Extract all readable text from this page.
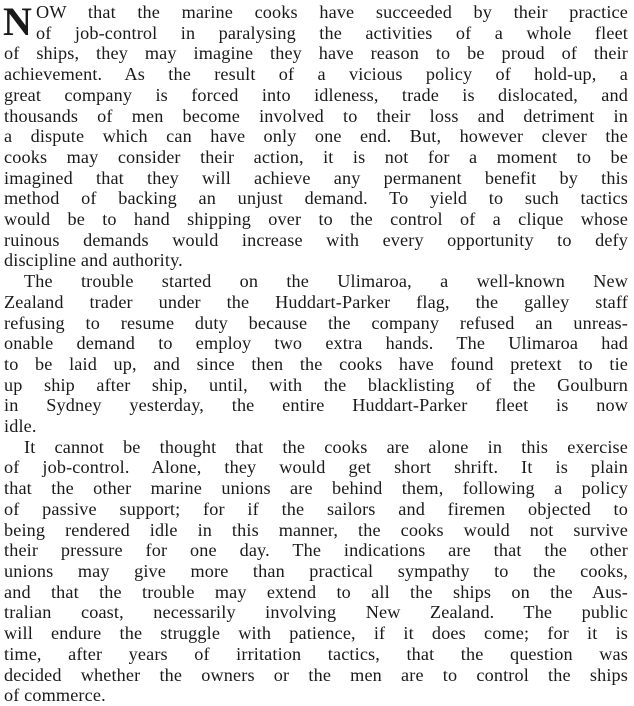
N OW that the marine cooks have succeeded by their practice
of job-control in paralysing the activities of a whole fleet
of ships, they may imagine they have reason to be proud of their
achievement. As the result of a vicious policy of hold-up, a
great company is forced into idleness, trade is dislocated, and
thousands of men become involved to their loss and detriment in
a dispute which can have only one end. But, however clever the
cooks may consider their action, it is not for a moment to be
imagined that they will achieve any permanent benefit by this
method of backing an unjust demand. To yield to such tactics
would be to hand shipping over to the control of a clique whose
ruinous demands would increase with every opportunity to defy
discipline and authority.
The trouble started on the Ulimaroa, a well-known New
Zealand trader under the Huddart-Parker flag, the galley staff
refusing to resume duty because the company refused an unreas-
onable demand to employ two extra hands. The Ulimaroa had
to be laid up, and since then the cooks have found pretext to tie
up ship after ship, until, with the blacklisting of the Goulburn
in Sydney yesterday, the entire Huddart-Parker fleet is now
idle.
It cannot be thought that the cooks are alone in this exercise
of job-control. Alone, they would get short shrift. It is plain
that the other marine unions are behind them, following a policy
of passive support; for if the sailors and firemen objected to
being rendered idle in this manner, the cooks would not survive
their pressure for one day. The indications are that the other
unions may give more than practical sympathy to the cooks,
and that the trouble may extend to all the ships on the Aus-
tralian coast, necessarily involving New Zealand. The public
will endure the struggle with patience, if it does come; for it is
time, after years of irritation tactics, that the question was
decided whether the owners or the men are to control the ships
of commerce.
